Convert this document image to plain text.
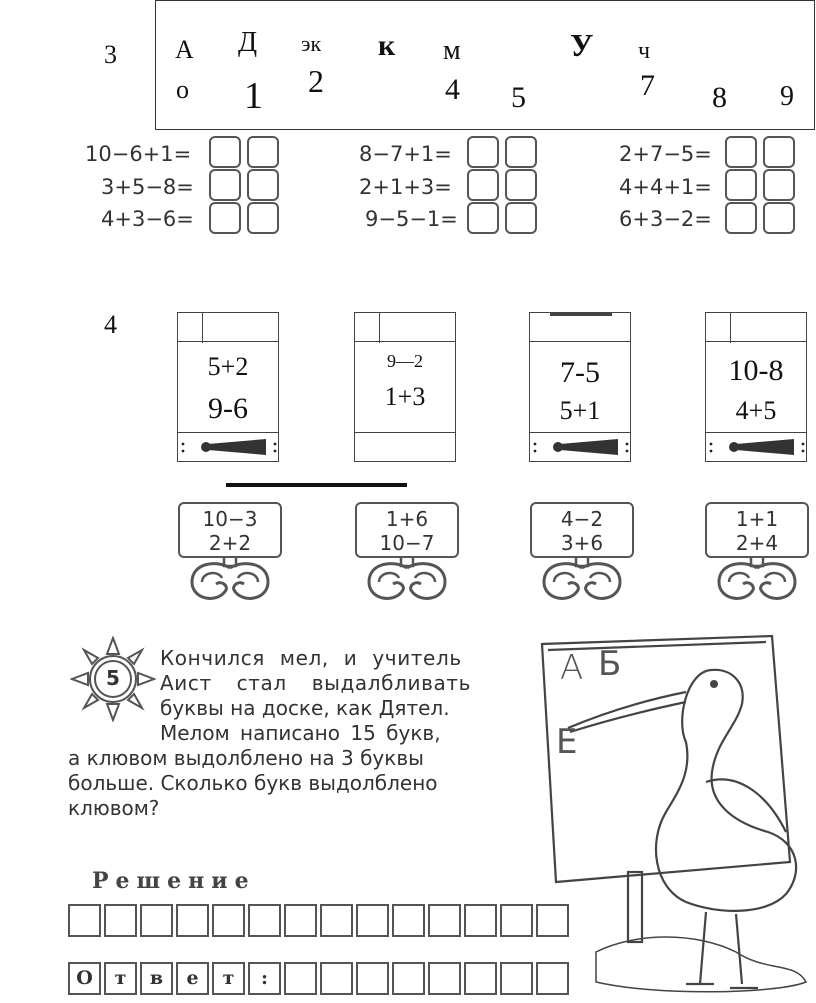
3 А Д эк к м	У ч
о 1 2	4 5	7 8 9
10−6+1=
3+5−8=
4+3−6=
8−7+1=
2+1+3=
9−5−1=
2+7−5=
4+4+1=
6+3−2=
4
5+2
9-6
9—2
1+3
7-5
5+1
10-8
4+5
10−3
2+2
1+6
10−7
4−2
3+6
1+1
2+4
5
Кончился мел, и учитель
Аист стал выдалбливать
буквы на доске, как Дятел.
Мелом написано 15 букв,
а клювом выдолблено на 3 буквы
больше. Сколько букв выдолблено
клювом?
А Б
Е
Решение
О	т	в	е	т	:
